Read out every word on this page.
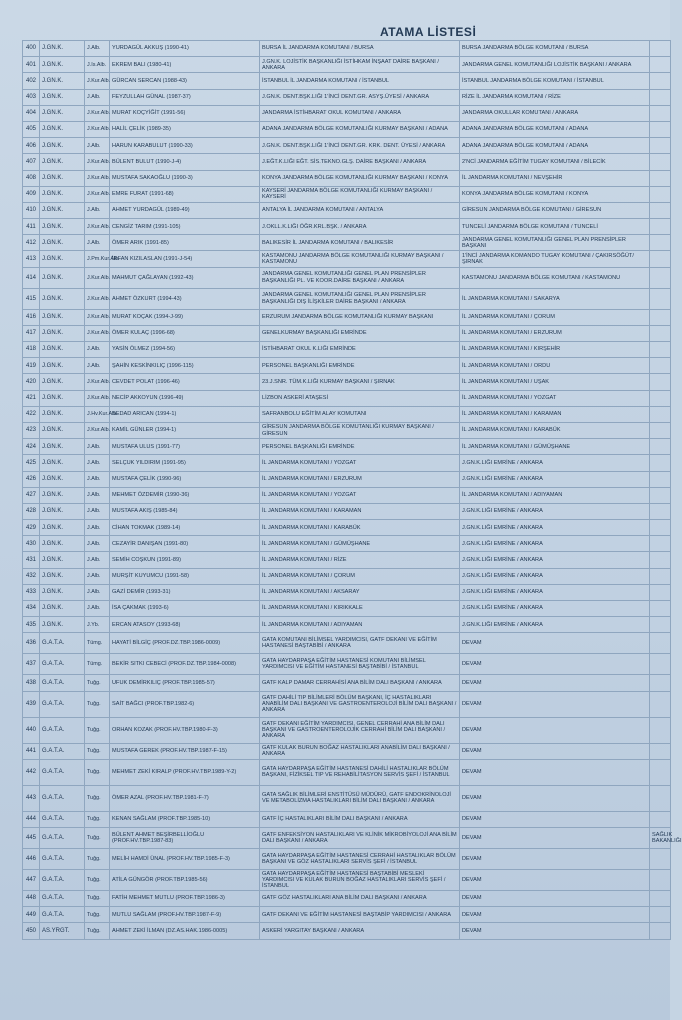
ATAMA LİSTESİ
400	J.GN.K.	J.Alb.	YURDAGÜL AKKUŞ (1990-41)	BURSA İL JANDARMA KOMUTANI / BURSA	BURSA JANDARMA BÖLGE KOMUTANI / BURSA	
401	J.GN.K.	J.Is.Alb.	EKREM BALI (1980-41)	J.GN.K. LOJİSTİK BAŞKANLIĞI İSTİHKAM İNŞAAT DAİRE BAŞKANI / ANKARA	JANDARMA GENEL KOMUTANLIĞI LOJİSTİK BAŞKANI / ANKARA	
402	J.GN.K.	J.Kur.Alb.	GÜRCAN SERCAN (1988-43)	İSTANBUL İL JANDARMA KOMUTANI / İSTANBUL	İSTANBUL JANDARMA BÖLGE KOMUTANI / İSTANBUL	
403	J.GN.K.	J.Alb.	FEYZULLAH GÜNAL (1987-37)	J.GN.K. DENT.BŞK.LIĞI 1'İNCİ DENT.GR. ASYŞ.ÜYESİ / ANKARA	RİZE İL JANDARMA KOMUTANI / RİZE	
404	J.GN.K.	J.Kur.Alb.	MURAT KOÇYİĞİT (1991-56)	JANDARMA İSTİHBARAT OKUL KOMUTANI / ANKARA	JANDARMA OKULLAR KOMUTANI / ANKARA	
405	J.GN.K.	J.Kur.Alb.	HALİL ÇELİK (1989-35)	ADANA JANDARMA BÖLGE KOMUTANLIĞI KURMAY BAŞKANI / ADANA	ADANA JANDARMA BÖLGE KOMUTANI / ADANA	
406	J.GN.K.	J.Alb.	HARUN KARABULUT (1990-33)	J.GN.K. DENT.BŞK.LIĞI 1'İNCİ DENT.GR. KRK. DENT. ÜYESİ / ANKARA	ADANA JANDARMA BÖLGE KOMUTANI / ADANA	
407	J.GN.K.	J.Kur.Alb.	BÜLENT BULUT (1990-J-4)	J.EĞT.K.LIĞI EĞT. SİS.TEKNO.GLŞ. DAİRE BAŞKANI / ANKARA	2'NCİ JANDARMA EĞİTİM TUGAY KOMUTANI / BİLECİK	
408	J.GN.K.	J.Kur.Alb.	MUSTAFA SAKAOĞLU (1990-3)	KONYA JANDARMA BÖLGE KOMUTANLIĞI KURMAY BAŞKANI / KONYA	İL JANDARMA KOMUTANI / NEVŞEHİR	
409	J.GN.K.	J.Kur.Alb.	EMRE FURAT (1991-68)	KAYSERİ JANDARMA BÖLGE KOMUTANLIĞI KURMAY BAŞKANI / KAYSERİ	KONYA JANDARMA BÖLGE KOMUTANI / KONYA	
410	J.GN.K.	J.Alb.	AHMET YURDAGÜL (1989-49)	ANTALYA İL JANDARMA KOMUTANI / ANTALYA	GİRESUN JANDARMA BÖLGE KOMUTANI / GİRESUN	
411	J.GN.K.	J.Kur.Alb.	CENGİZ TARIM (1991-105)	J.OKLL.K.LIĞI ÖĞR.KRL.BŞK. / ANKARA	TUNCELİ JANDARMA BÖLGE KOMUTANI / TUNCELİ	
412	J.GN.K.	J.Alb.	ÖMER ARIK (1991-85)	BALIKESİR İL JANDARMA KOMUTANI / BALIKESİR	JANDARMA GENEL KOMUTANLIĞI GENEL PLAN PRENSİPLER BAŞKANI	
413	J.GN.K.	J.Pm.Kur.Alb.	İRFAN KIZILASLAN (1991-J-54)	KASTAMONU JANDARMA BÖLGE KOMUTANLIĞI KURMAY BAŞKANI / KASTAMONU	1'İNCİ JANDARMA KOMANDO TUGAY KOMUTANI / ÇAKIRSÖĞÜT/ŞIRNAK	
414	J.GN.K.	J.Kur.Alb.	MAHMUT ÇAĞLAYAN (1992-43)	JANDARMA GENEL KOMUTANLIĞI GENEL PLAN PRENSİPLER BAŞKANLIĞI PL. VE KOOR.DAİRE BAŞKANI / ANKARA	KASTAMONU JANDARMA BÖLGE KOMUTANI / KASTAMONU	
415	J.GN.K.	J.Kur.Alb.	AHMET ÖZKURT (1994-43)	JANDARMA GENEL KOMUTANLIĞI GENEL PLAN PRENSİPLER BAŞKANLIĞI DIŞ İLİŞKİLER DAİRE BAŞKANI / ANKARA	İL JANDARMA KOMUTANI / SAKARYA	
416	J.GN.K.	J.Kur.Alb.	MURAT KOÇAK (1994-J-99)	ERZURUM JANDARMA BÖLGE KOMUTANLIĞI KURMAY BAŞKANI	İL JANDARMA KOMUTANI / ÇORUM	
417	J.GN.K.	J.Kur.Alb.	ÖMER KULAÇ (1996-68)	GENELKURMAY BAŞKANLIĞI EMRİNDE	İL JANDARMA KOMUTANI / ERZURUM	
418	J.GN.K.	J.Alb.	YASİN ÖLMEZ (1994-56)	İSTİHBARAT OKUL K.LIĞI EMRİNDE	İL JANDARMA KOMUTANI / KIRŞEHİR	
419	J.GN.K.	J.Alb.	ŞAHİN KESKİNKILIÇ (1996-115)	PERSONEL BAŞKANLIĞI EMRİNDE	İL JANDARMA KOMUTANI / ORDU	
420	J.GN.K.	J.Kur.Alb.	CEVDET POLAT (1996-46)	23.J.SNR. TÜM.K.LIĞI KURMAY BAŞKANI / ŞIRNAK	İL JANDARMA KOMUTANI / UŞAK	
421	J.GN.K.	J.Kur.Alb.	NECİP AKKOYUN (1996-49)	LİZBON ASKERİ ATAŞESİ	İL JANDARMA KOMUTANI / YOZGAT	
422	J.GN.K.	J.Hv.Kur.Alb.	SEDAD ARICAN (1994-1)	SAFRANBOLU EĞİTİM ALAY KOMUTANI	İL JANDARMA KOMUTANI / KARAMAN	
423	J.GN.K.	J.Kur.Alb.	KAMİL GÜNLER (1994-1)	GİRESUN JANDARMA BÖLGE KOMUTANLIĞI KURMAY BAŞKANI / GİRESUN	İL JANDARMA KOMUTANI / KARABÜK	
424	J.GN.K.	J.Alb.	MUSTAFA ULUS (1991-77)	PERSONEL BAŞKANLIĞI EMRİNDE	İL JANDARMA KOMUTANI / GÜMÜŞHANE	
425	J.GN.K.	J.Alb.	SELÇUK YILDIRIM (1991-95)	İL JANDARMA KOMUTANI / YOZGAT	J.GN.K.LIĞI EMRİNE / ANKARA	
426	J.GN.K.	J.Alb.	MUSTAFA ÇELİK (1990-96)	İL JANDARMA KOMUTANI / ERZURUM	J.GN.K.LIĞI EMRİNE / ANKARA	
427	J.GN.K.	J.Alb.	MEHMET ÖZDEMİR (1990-36)	İL JANDARMA KOMUTANI / YOZGAT	İL JANDARMA KOMUTANI / ADIYAMAN	
428	J.GN.K.	J.Alb.	MUSTAFA AKIŞ (1985-84)	İL JANDARMA KOMUTANI / KARAMAN	J.GN.K.LIĞI EMRİNE / ANKARA	
429	J.GN.K.	J.Alb.	CİHAN TOKMAK (1989-14)	İL JANDARMA KOMUTANI / KARABÜK	J.GN.K.LIĞI EMRİNE / ANKARA	
430	J.GN.K.	J.Alb.	CEZAYİR DANIŞAN (1991-80)	İL JANDARMA KOMUTANI / GÜMÜŞHANE	J.GN.K.LIĞI EMRİNE / ANKARA	
431	J.GN.K.	J.Alb.	SEMİH COŞKUN (1991-89)	İL JANDARMA KOMUTANI / RİZE	J.GN.K.LIĞI EMRİNE / ANKARA	
432	J.GN.K.	J.Alb.	MURŞİT KUYUMCU (1991-58)	İL JANDARMA KOMUTANI / ÇORUM	J.GN.K.LIĞI EMRİNE / ANKARA	
433	J.GN.K.	J.Alb.	GAZİ DEMİR (1993-31)	İL JANDARMA KOMUTANI / AKSARAY	J.GN.K.LIĞI EMRİNE / ANKARA	
434	J.GN.K.	J.Alb.	İSA ÇAKMAK (1993-6)	İL JANDARMA KOMUTANI / KIRIKKALE	J.GN.K.LIĞI EMRİNE / ANKARA	
435	J.GN.K.	J.Yb.	ERCAN ATASOY (1993-68)	İL JANDARMA KOMUTANI / ADIYAMAN	J.GN.K.LIĞI EMRİNE / ANKARA	
436	G.A.T.A.	Tümg.	HAYATİ BİLGİÇ (PROF.DZ.TBP.1986-0009)	GATA KOMUTANI BİLİMSEL YARDIMCISI, GATF DEKANI VE EĞİTİM HASTANESİ BAŞTABİBİ / ANKARA	DEVAM	
437	G.A.T.A.	Tümg.	BEKİR SITKI CEBECİ (PROF.DZ.TBP.1984-0008)	GATA HAYDARPAŞA EĞİTİM HASTANESİ KOMUTANI BİLİMSEL YARDIMCISI VE EĞİTİM HASTANESİ BAŞTABİBİ / İSTANBUL	DEVAM	
438	G.A.T.A.	Tuğg.	UFUK DEMİRKILIÇ (PROF.TBP.1985-57)	GATF KALP DAMAR CERRAHİSİ ANA BİLİM DALI BAŞKANI / ANKARA	DEVAM	
439	G.A.T.A.	Tuğg.	SAİT BAĞCI (PROF.TBP.1982-6)	GATF DAHİLİ TIP BİLİMLERİ BÖLÜM BAŞKANI, İÇ HASTALIKLARI ANABİLİM DALI BAŞKANI VE GASTROENTEROLOJİ BİLİM DALI BAŞKANI / ANKARA	DEVAM	
440	G.A.T.A.	Tuğg.	ORHAN KOZAK (PROF.HV.TBP.1980-F-3)	GATF DEKANI EĞİTİM YARDIMCISI, GENEL CERRAHİ ANA BİLİM DALI BAŞKANI VE GASTROENTEROLOJİK CERRAHİ BİLİM DALI BAŞKANI / ANKARA	DEVAM	
441	G.A.T.A.	Tuğg.	MUSTAFA GEREK (PROF.HV.TBP.1987-F-15)	GATF KULAK BURUN BOĞAZ HASTALIKLARI ANABİLİM DALI BAŞKANI / ANKARA	DEVAM	
442	G.A.T.A.	Tuğg.	MEHMET ZEKİ KIRALP (PROF.HV.TBP.1989-Y-2)	GATA HAYDARPAŞA EĞİTİM HASTANESİ DAHİLİ HASTALIKLAR BÖLÜM BAŞKANI, FİZİKSEL TIP VE REHABİLİTASYON SERVİS ŞEFİ / İSTANBUL	DEVAM	
443	G.A.T.A.	Tuğg.	ÖMER AZAL (PROF.HV.TBP.1981-F-7)	GATA SAĞLIK BİLİMLERİ ENSTİTÜSÜ MÜDÜRÜ, GATF ENDOKRİNOLOJİ VE METABOLİZMA HASTALIKLARI BİLİM DALI BAŞKANI / ANKARA	DEVAM	
444	G.A.T.A.	Tuğg.	KENAN SAĞLAM (PROF.TBP.1985-10)	GATF İÇ HASTALIKLARI BİLİM DALI BAŞKANI / ANKARA	DEVAM	
445	G.A.T.A.	Tuğg.	BÜLENT AHMET BEŞİRBELLİOĞLU (PROF.HV.TBP.1987-83)	GATF ENFEKSİYON HASTALIKLARI VE KLİNİK MİKROBİYOLOJİ ANA BİLİM DALI BAŞKANI / ANKARA	DEVAM	SAĞLIK BAKANLIĞI
446	G.A.T.A.	Tuğg.	MELİH HAMDİ ÜNAL (PROF.HV.TBP.1985-F-3)	GATA HAYDARPAŞA EĞİTİM HASTANESİ CERRAHİ HASTALIKLAR BÖLÜM BAŞKANI VE GÖZ HASTALIKLARI SERVİS ŞEFİ / İSTANBUL	DEVAM	
447	G.A.T.A.	Tuğg.	ATİLA GÜNGÖR (PROF.TBP.1985-56)	GATA HAYDARPAŞA EĞİTİM HASTANESİ BAŞTABİBİ MESLEKİ YARDIMCISI VE KULAK BURUN BOĞAZ HASTALIKLARI SERVİS ŞEFİ / İSTANBUL	DEVAM	
448	G.A.T.A.	Tuğg.	FATİH MEHMET MUTLU (PROF.TBP.1986-3)	GATF GÖZ HASTALIKLARI ANA BİLİM DALI BAŞKANI / ANKARA	DEVAM	
449	G.A.T.A.	Tuğg.	MUTLU SAĞLAM (PROF.HV.TBP.1987-F-9)	GATF DEKANI VE EĞİTİM HASTANESİ BAŞTABİP YARDIMCISI / ANKARA	DEVAM	
450	AS.YRGT.	Tuğg.	AHMET ZEKİ İLMAN (DZ.AS.HAK.1986-0005)	ASKERİ YARGITAY BAŞKANI / ANKARA	DEVAM	
